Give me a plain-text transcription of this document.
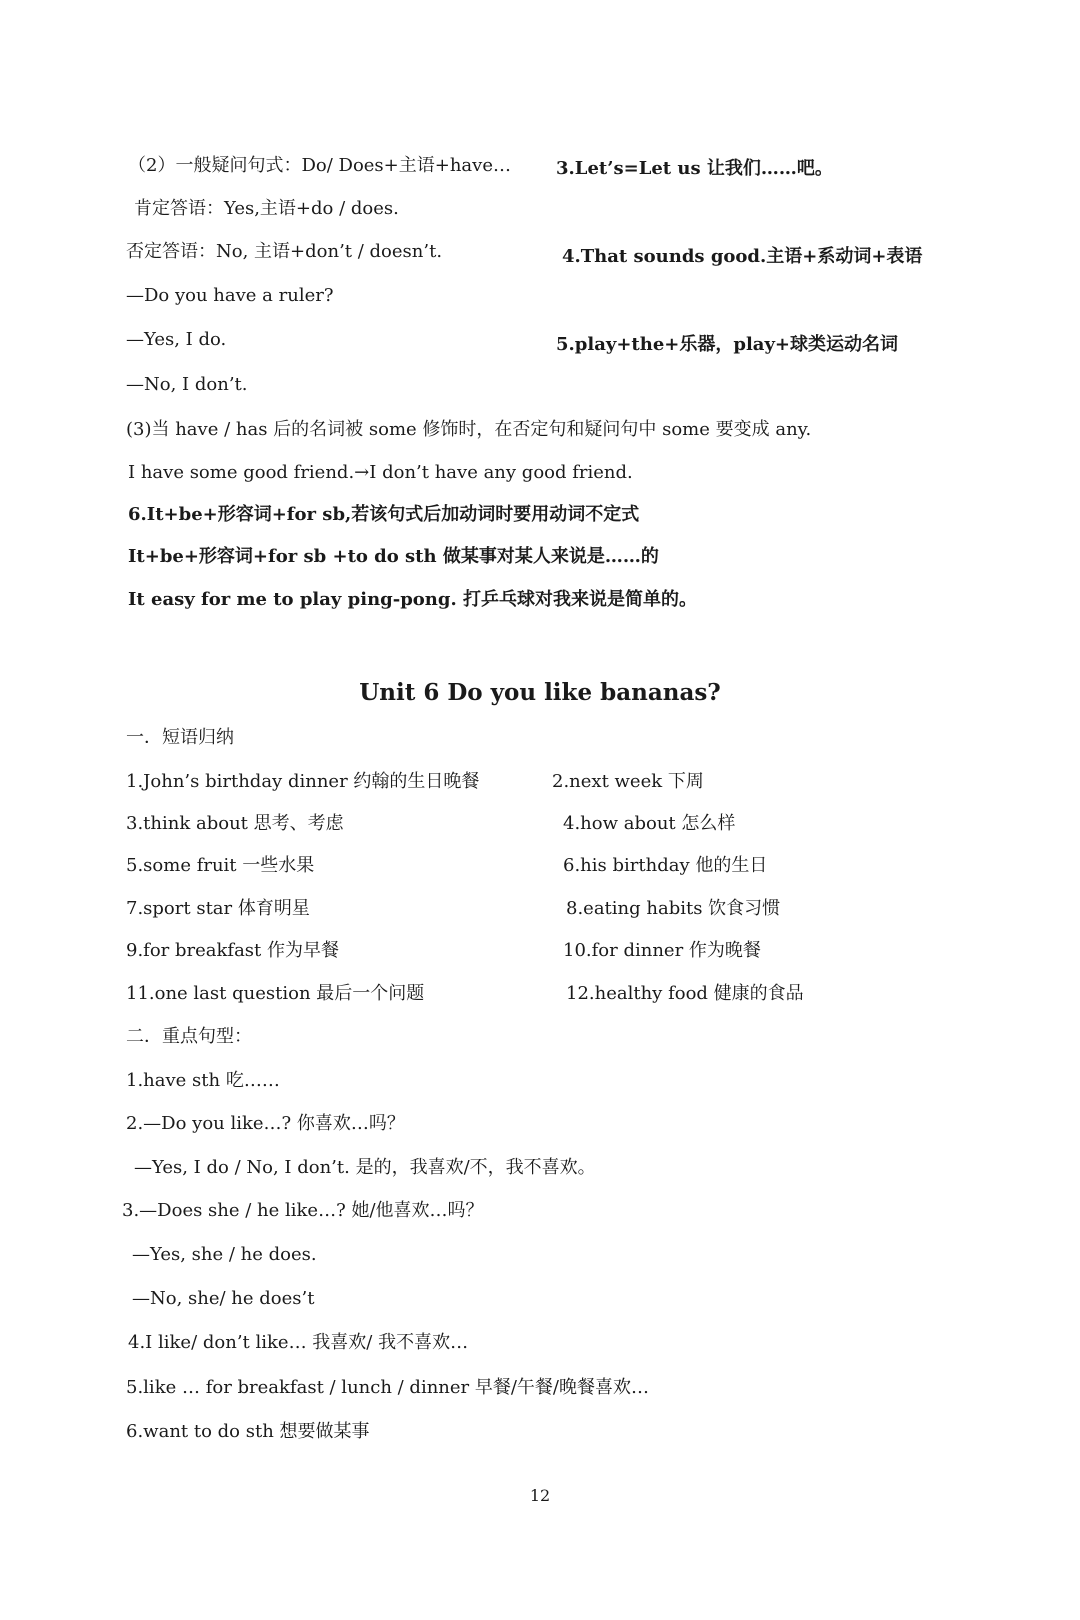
（2）一般疑问句式：Do/ Does+主语+have…
肯定答语：Yes,主语+do / does.
否定答语：No, 主语+don’t / doesn’t.
—Do you have a ruler?
—Yes, I do.
—No, I don’t.
(3)当 have / has 后的名词被 some 修饰时，在否定句和疑问句中 some 要变成 any.
I have some good friend.→I don’t have any good friend.
6.It+be+形容词+for sb,若该句式后加动词时要用动词不定式
It+be+形容词+for sb +to do sth 做某事对某人来说是……的
It easy for me to play ping-pong. 打乒乓球对我来说是简单的。
3.Let’s=Let us 让我们……吧。
4.That sounds good.主语+系动词+表语
5.play+the+乐器，play+球类运动名词
Unit 6 Do you like bananas?
一．短语归纳
1.John’s birthday dinner 约翰的生日晚餐	2.next week 下周
3.think about 思考、考虑	4.how about 怎么样
5.some fruit 一些水果	6.his birthday 他的生日
7.sport star 体育明星	8.eating habits 饮食习惯
9.for breakfast 作为早餐	10.for dinner 作为晚餐
11.one last question 最后一个问题	12.healthy food 健康的食品
二．重点句型：
1.have sth 吃……
2.—Do you like…? 你喜欢…吗？
—Yes, I do / No, I don’t. 是的，我喜欢/不，我不喜欢。
3.—Does she / he like…? 她/他喜欢…吗？
—Yes, she / he does.
—No, she/ he does’t
4.I like/ don’t like… 我喜欢/ 我不喜欢…
5.like … for breakfast / lunch / dinner 早餐/午餐/晚餐喜欢…
6.want to do sth 想要做某事
12
